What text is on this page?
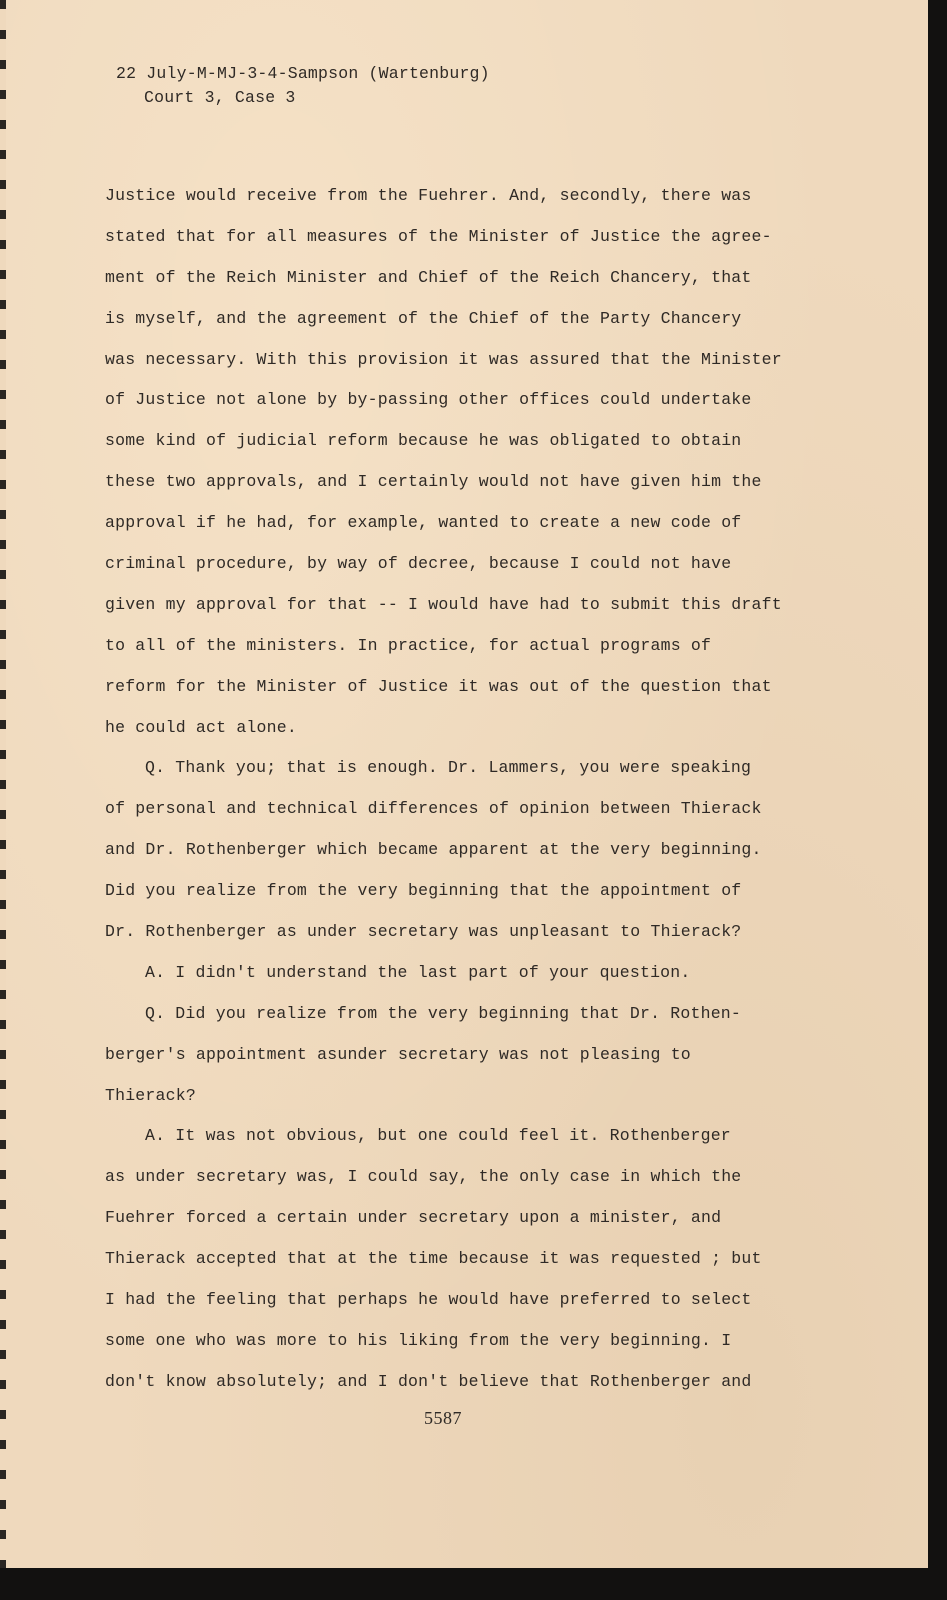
22 July-M-MJ-3-4-Sampson (Wartenburg)
Court 3, Case 3
Justice would receive from the Fuehrer. And, secondly, there was
stated that for all measures of the Minister of Justice the agree-
ment of the Reich Minister and Chief of the Reich Chancery, that
is myself, and the agreement of the Chief of the Party Chancery
was necessary. With this provision it was assured that the Minister
of Justice not alone by by-passing other offices could undertake
some kind of judicial reform because he was obligated to obtain
these two approvals, and I certainly would not have given him the
approval if he had, for example, wanted to create a new code of
criminal procedure, by way of decree, because I could not have
given my approval for that -- I would have had to submit this draft
to all of the ministers. In practice, for actual programs of
reform for the Minister of Justice it was out of the question that
he could act alone.
Q. Thank you; that is enough. Dr. Lammers, you were speaking
of personal and technical differences of opinion between Thierack
and Dr. Rothenberger which became apparent at the very beginning.
Did you realize from the very beginning that the appointment of
Dr. Rothenberger as under secretary was unpleasant to Thierack?
A. I didn't understand the last part of your question.
Q. Did you realize from the very beginning that Dr. Rothen-
berger's appointment asunder secretary was not pleasing to
Thierack?
A. It was not obvious, but one could feel it. Rothenberger
as under secretary was, I could say, the only case in which the
Fuehrer forced a certain under secretary upon a minister, and
Thierack accepted that at the time because it was requested ; but
I had the feeling that perhaps he would have preferred to select
some one who was more to his liking from the very beginning. I
don't know absolutely; and I don't believe that Rothenberger and
5587
